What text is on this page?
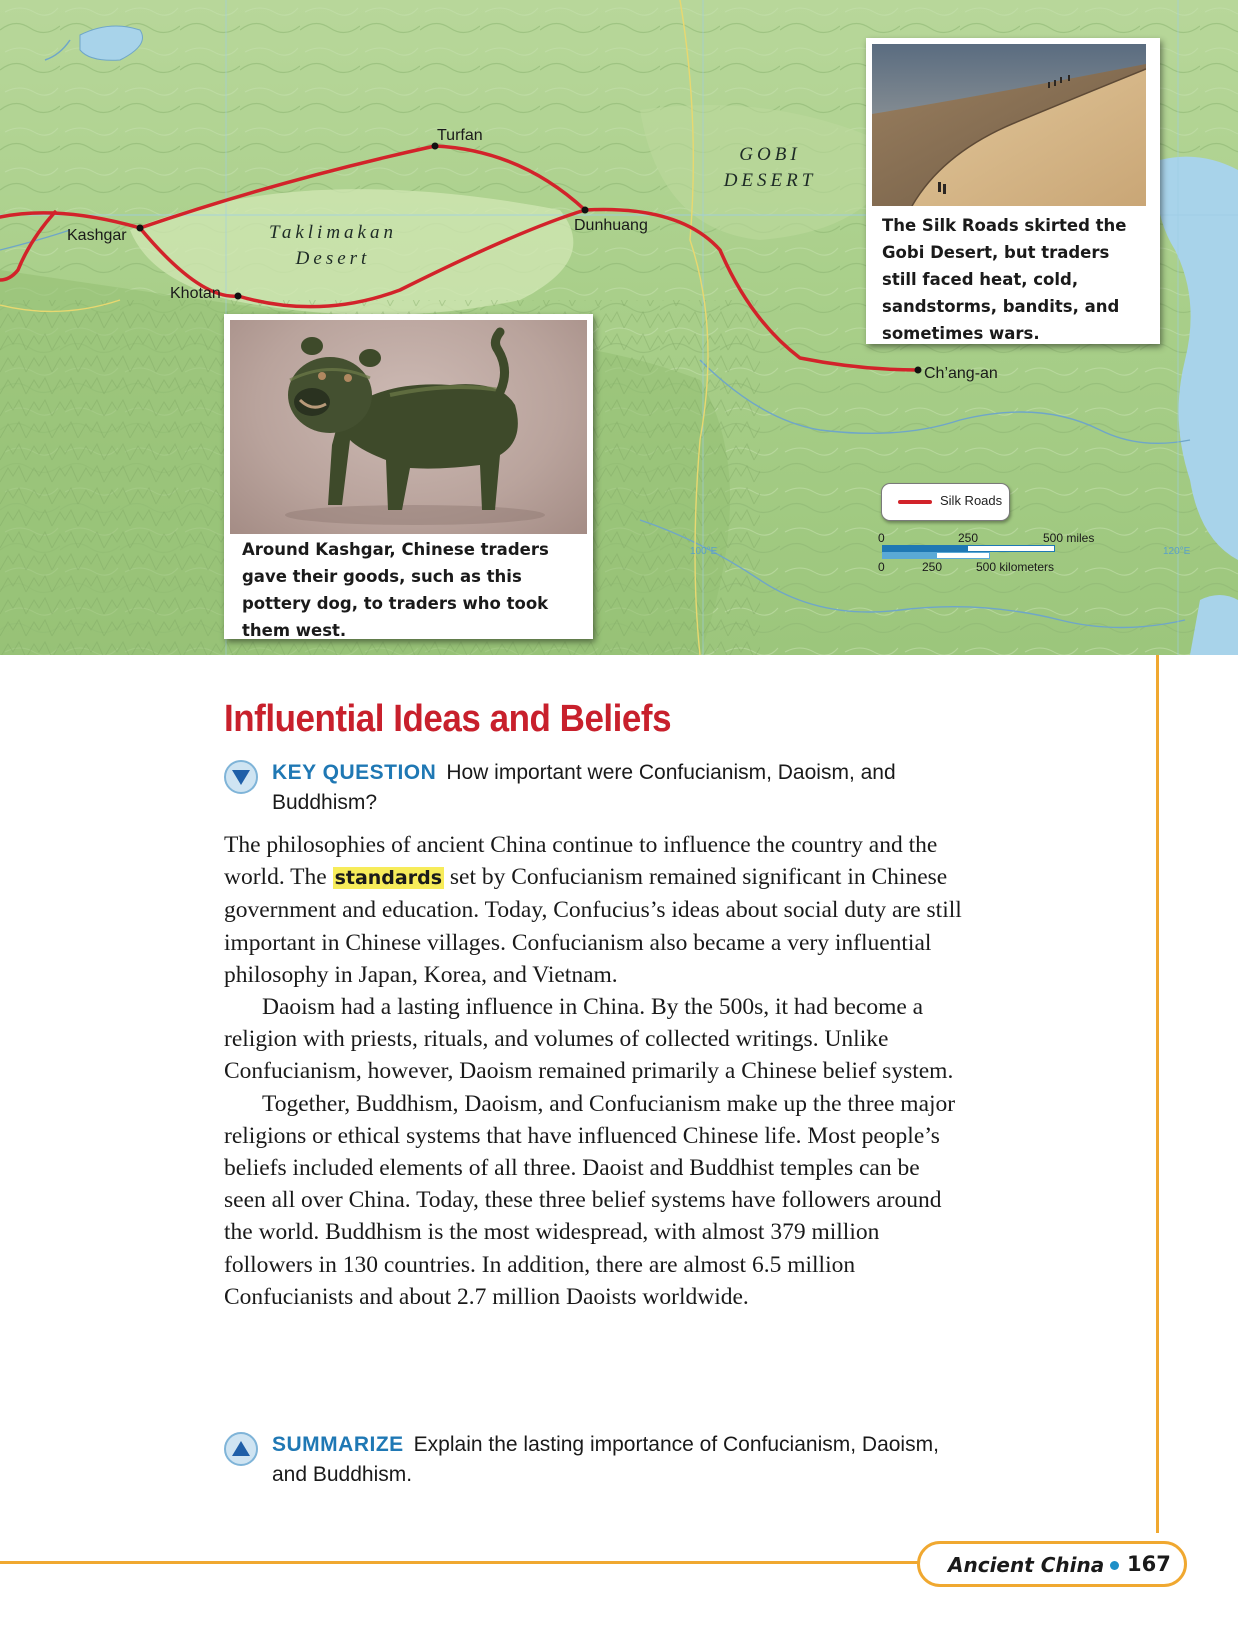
Kashgar
Khotan
Turfan
Dunhuang
Ch’ang-an
Taklimakan
Desert
GOBI
DESERT
100°E	120°E
Silk Roads
0	250	500 miles
0	250	500 kilometers
The Silk Roads skirted the Gobi Desert, but traders still faced heat, cold, sandstorms, bandits, and sometimes wars.
Around Kashgar, Chinese traders gave their goods, such as this pottery dog, to traders who took them west.
Influential Ideas and Beliefs
KEY QUESTION How important were Confucianism, Daoism, and Buddhism?

The philosophies of ancient China continue to influence the country and the world. The standards set by Confucianism remained significant in Chinese government and education. Today, Confucius’s ideas about social duty are still important in Chinese villages. Confucianism also became a very influential philosophy in Japan, Korea, and Vietnam.

Daoism had a lasting influence in China. By the 500s, it had become a religion with priests, rituals, and volumes of collected writings. Unlike Confucianism, however, Daoism remained primarily a Chinese belief system.

Together, Buddhism, Daoism, and Confucianism make up the three major religions or ethical systems that have influenced Chinese life. Most people’s beliefs included elements of all three. Daoist and Buddhist temples can be seen all over China. Today, these three belief systems have followers around the world. Buddhism is the most widespread, with almost 379 million followers in 130 countries. In addition, there are almost 6.5 million Confucianists and about 2.7 million Daoists worldwide.

SUMMARIZE Explain the lasting importance of Confucianism, Daoism, and Buddhism.
Ancient China 167
